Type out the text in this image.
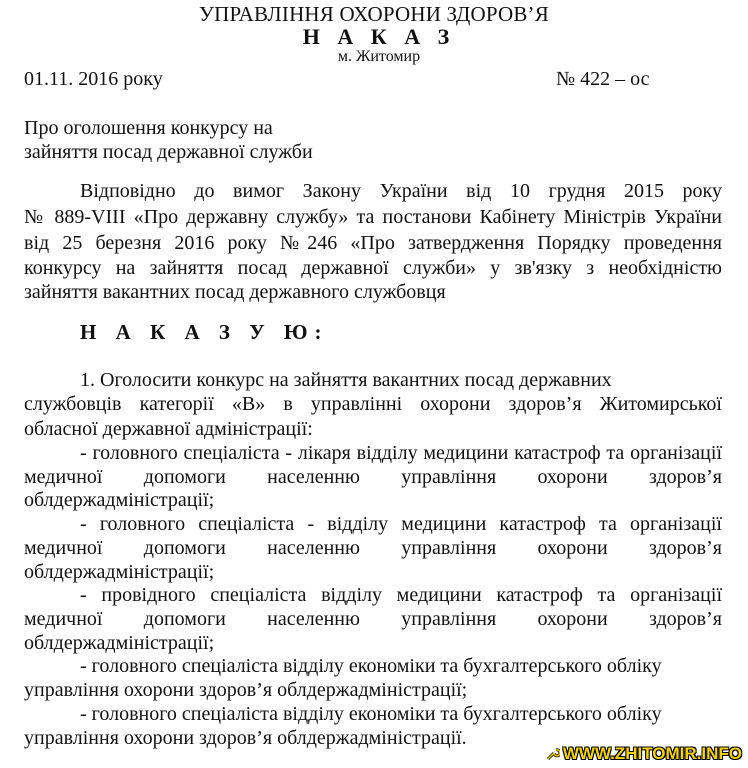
УПРАВЛІННЯ ОХОРОНИ ЗДОРОВ’Я
Н А К А З
м. Житомир
01.11. 2016 року	№ 422 – ос
Про оголошення конкурсу на
зайняття посад державної служби
Відповідно до вимог Закону України від 10 грудня 2015 року
№ 889-VIII «Про державну службу» та постанови Кабінету Міністрів України
від 25 березня 2016 року №246 «Про затвердження Порядку проведення
конкурсу на зайняття посад державної служби» у зв'язку з необхідністю
зайняття вакантних посад державного службовця
Н А К А З У Ю:
1. Оголосити конкурс на зайняття вакантних посад державних
службовців категорії «В» в управлінні охорони здоров’я Житомирської
обласної державної адміністрації:
- головного спеціаліста - лікаря відділу медицини катастроф та організації
медичної допомоги населенню управління охорони здоров’я
облдержадміністрації;
- головного спеціаліста - відділу медицини катастроф та організації
медичної допомоги населенню управління охорони здоров’я
облдержадміністрації;
- провідного спеціаліста відділу медицини катастроф та організації
медичної допомоги населенню управління охорони здоров’я
облдержадміністрації;
- головного спеціаліста відділу економіки та бухгалтерського обліку
управління охорони здоров’я облдержадміністрації;
- головного спеціаліста відділу економіки та бухгалтерського обліку
управління охорони здоров’я облдержадміністрації.
WWW.ZHITOMIR.INFO
